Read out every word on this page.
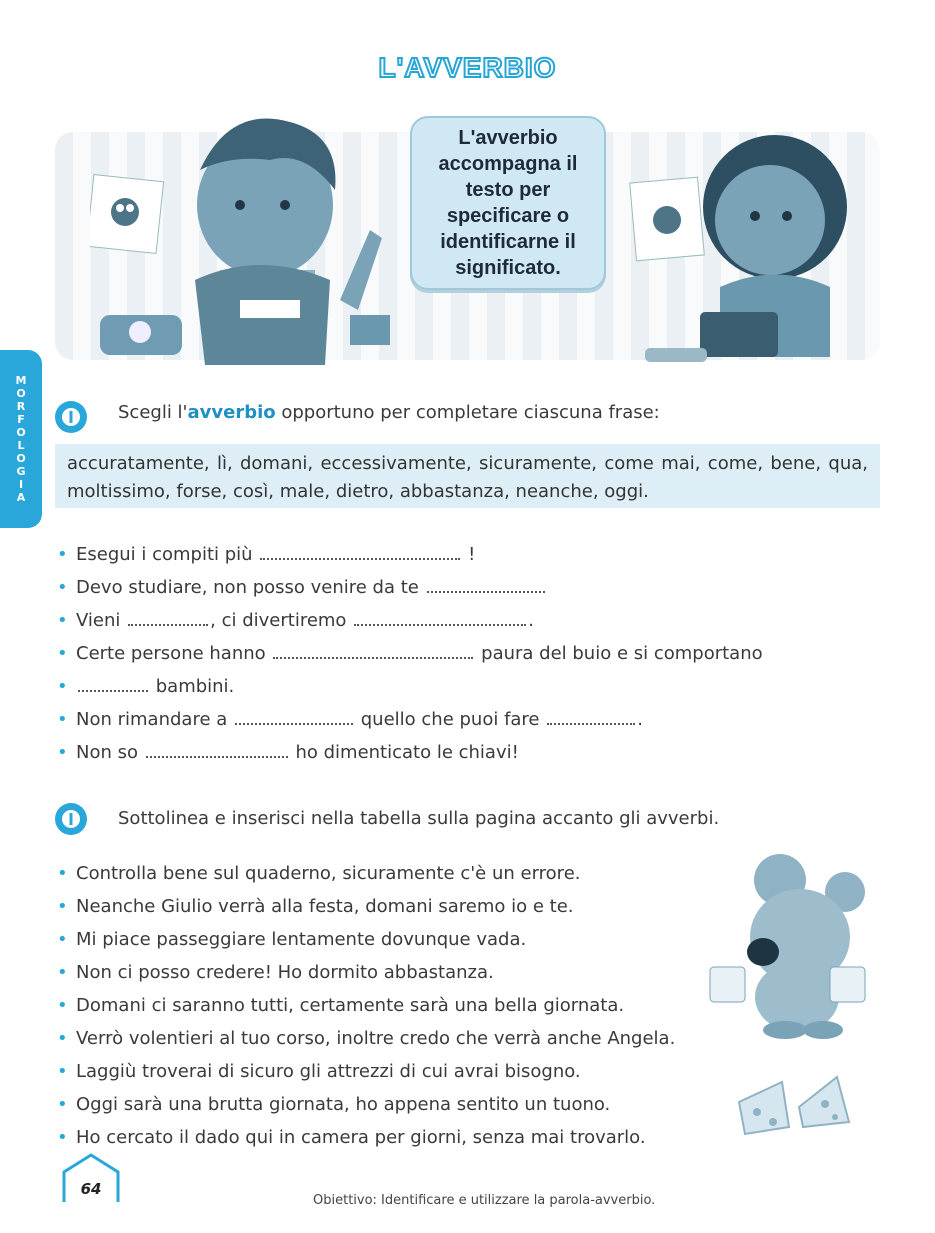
L'AVVERBIO
L'avverbio accompagna il testo per specificare o identificarne il significato.
M
O
R
F
O
L
O
G
I
A
Scegli l'avverbio opportuno per completare ciascuna frase:
accuratamente, lì, domani, eccessivamente, sicuramente, come mai, come, bene, qua, moltissimo, forse, così, male, dietro, abbastanza, neanche, oggi.
• Esegui i compiti più	!
• Devo studiare, non posso venire da te
• Vieni	, ci divertiremo	.
• Certe persone hanno	paura del buio e si comportano
• bambini.
• Non rimandare a	quello che puoi fare	.
• Non so	ho dimenticato le chiavi!
Sottolinea e inserisci nella tabella sulla pagina accanto gli avverbi.
• Controlla bene sul quaderno, sicuramente c'è un errore.
• Neanche Giulio verrà alla festa, domani saremo io e te.
• Mi piace passeggiare lentamente dovunque vada.
• Non ci posso credere! Ho dormito abbastanza.
• Domani ci saranno tutti, certamente sarà una bella giornata.
• Verrò volentieri al tuo corso, inoltre credo che verrà anche Angela.
• Laggiù troverai di sicuro gli attrezzi di cui avrai bisogno.
• Oggi sarà una brutta giornata, ho appena sentito un tuono.
• Ho cercato il dado qui in camera per giorni, senza mai trovarlo.
64
Obiettivo: Identificare e utilizzare la parola-avverbio.
